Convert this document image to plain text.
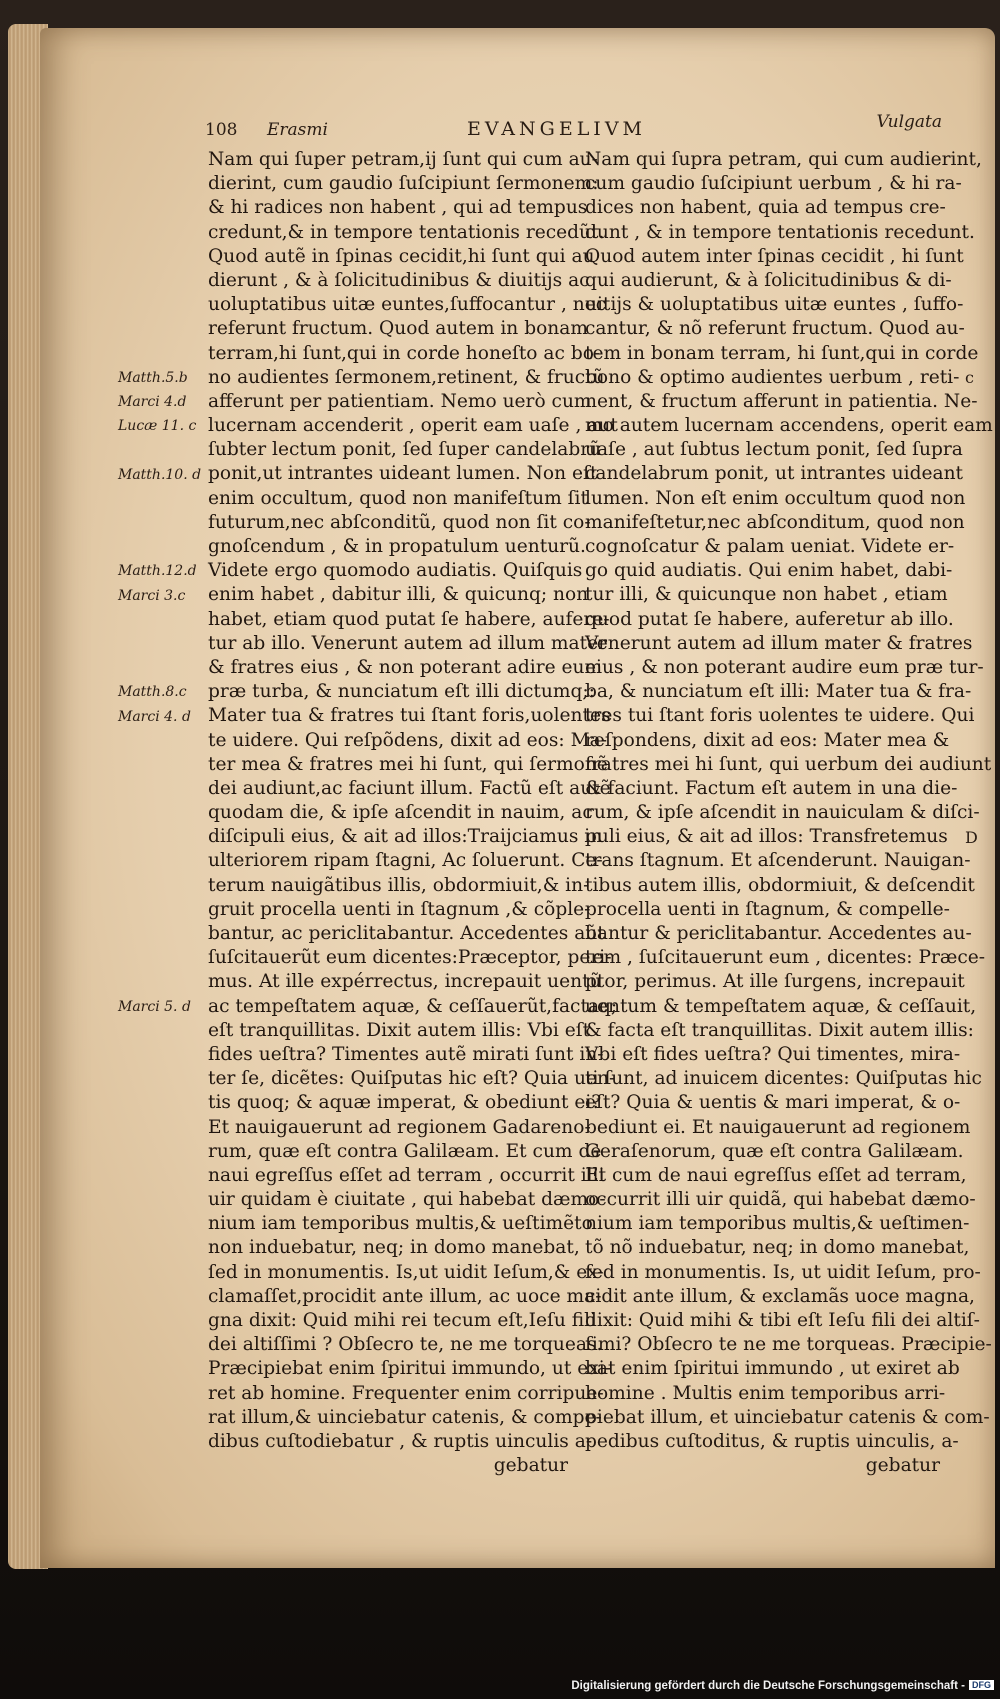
108 Erasmi	EVANGELIVM	Vulgata
Nam qui ſuper petram,ij ſunt qui cum au-
dierint, cum gaudio ſuſcipiunt ſermonem:
& hi radices non habent , qui ad tempus
credunt,& in tempore tentationis recedũt.
Quod autẽ in ſpinas cecidit,hi ſunt qui au
dierunt , & à ſolicitudinibus & diuitijs ac
uoluptatibus uitæ euntes,ſuffocantur , nec
referunt fructum. Quod autem in bonam
terram,hi ſunt,qui in corde honeſto ac bo-
no audientes ſermonem,retinent, & fructũ
afferunt per patientiam. Nemo uerò cum
lucernam accenderit , operit eam uaſe , aut
ſubter lectum ponit, ſed ſuper candelabrũ
ponit,ut intrantes uideant lumen. Non eſt
enim occultum, quod non manifeſtum ſit
futurum,nec abſconditũ, quod non ſit co-
gnoſcendum , & in propatulum uenturũ.
Videte ergo quomodo audiatis. Quiſquis
enim habet , dabitur illi, & quicunq; non
habet, etiam quod putat ſe habere, aufere-
tur ab illo. Venerunt autem ad illum mater
& fratres eius , & non poterant adire eum
præ turba, & nunciatum eſt illi dictumq;:
Mater tua & fratres tui ſtant foris,uolentes
te uidere. Qui reſpõdens, dixit ad eos: Ma-
ter mea & fratres mei hi ſunt, qui ſermonẽ
dei audiunt,ac faciunt illum. Factũ eſt autẽ
quodam die, & ipſe aſcendit in nauim, ac
diſcipuli eius, & ait ad illos:Traijciamus in
ulteriorem ripam ſtagni, Ac ſoluerunt. Ce-
terum nauigãtibus illis, obdormiuit,& in-
gruit procella uenti in ſtagnum ,& cõple-
bantur, ac periclitabantur. Accedentes aũt
ſuſcitauerũt eum dicentes:Præceptor, peri-
mus. At ille expérrectus, increpauit uentũ
ac tempeſtatem aquæ, & ceſſauerũt,factaq;
eſt tranquillitas. Dixit autem illis: Vbi eſt
fides ueſtra? Timentes autẽ mirati ſunt in-
ter ſe, dicẽtes: Quiſputas hic eſt? Quia uen-
tis quoq; & aquæ imperat, & obediunt ei?
Et nauigauerunt ad regionem Gadareno-
rum, quæ eſt contra Galilæam. Et cum de
naui egreſſus eſſet ad terram , occurrit illi
uir quidam è ciuitate , qui habebat dæmo-
nium iam temporibus multis,& ueſtimẽto
non induebatur, neq; in domo manebat,
ſed in monumentis. Is,ut uidit Ieſum,& ex-
clamaſſet,procidit ante illum, ac uoce ma-
gna dixit: Quid mihi rei tecum eſt,Ieſu fili
dei altiſſimi ? Obſecro te, ne me torqueas.
Præcipiebat enim ſpiritui immundo, ut exi-
ret ab homine. Frequenter enim corripue-
rat illum,& uinciebatur catenis, & compe-
dibus cuſtodiebatur , & ruptis uinculis a-
gebatur
Nam qui ſupra petram, qui cum audierint,
cum gaudio ſuſcipiunt uerbum , & hi ra-
dices non habent, quia ad tempus cre-
dunt , & in tempore tentationis recedunt.
Quod autem inter ſpinas cecidit , hi ſunt
qui audierunt, & à ſolicitudinibus & di-
uitijs & uoluptatibus uitæ euntes , ſuffo-
cantur, & nõ referunt fructum. Quod au-
tem in bonam terram, hi ſunt,qui in corde
bono & optimo audientes uerbum , reti-
nent, & fructum afferunt in patientia. Ne-
mo autem lucernam accendens, operit eam
uaſe , aut ſubtus lectum ponit, ſed ſupra
candelabrum ponit, ut intrantes uideant
lumen. Non eſt enim occultum quod non
manifeſtetur,nec abſconditum, quod non
cognoſcatur & palam ueniat. Videte er-
go quid audiatis. Qui enim habet, dabi-
tur illi, & quicunque non habet , etiam
quod putat ſe habere, auferetur ab illo.
Venerunt autem ad illum mater & fratres
eius , & non poterant audire eum præ tur-
ba, & nunciatum eſt illi: Mater tua & fra-
tres tui ſtant foris uolentes te uidere. Qui
reſpondens, dixit ad eos: Mater mea &
fratres mei hi ſunt, qui uerbum dei audiunt
& faciunt. Factum eſt autem in una die-
rum, & ipſe aſcendit in nauiculam & diſci-
puli eius, & ait ad illos: Transfretemus
trans ſtagnum. Et aſcenderunt. Nauigan-
tibus autem illis, obdormiuit, & deſcendit
procella uenti in ſtagnum, & compelle-
bantur & periclitabantur. Accedentes au-
tem , ſuſcitauerunt eum , dicentes: Præce-
ptor, perimus. At ille ſurgens, increpauit
uentum & tempeſtatem aquæ, & ceſſauit,
& facta eſt tranquillitas. Dixit autem illis:
Vbi eſt fides ueſtra? Qui timentes, mira-
ti ſunt, ad inuicem dicentes: Quiſputas hic
eſt? Quia & uentis & mari imperat, & o-
bediunt ei. Et nauigauerunt ad regionem
Geraſenorum, quæ eſt contra Galilæam.
Et cum de naui egreſſus eſſet ad terram,
occurrit illi uir quidã, qui habebat dæmo-
nium iam temporibus multis,& ueſtimen-
tõ nõ induebatur, neq; in domo manebat,
ſed in monumentis. Is, ut uidit Ieſum, pro-
cidit ante illum, & exclamãs uoce magna,
dixit: Quid mihi & tibi eſt Ieſu fili dei altiſ-
ſimi? Obſecro te ne me torqueas. Præcipie-
bat enim ſpiritui immundo , ut exiret ab
homine . Multis enim temporibus arri-
piebat illum, et uinciebatur catenis & com-
pedibus cuſtoditus, & ruptis uinculis, a-
gebatur
Matth.5.b
Marci 4.d
Lucæ 11. c
Matth.10. d
Matth.12.d
Marci 3.c
Matth.8.c
Marci 4. d
Marci 5. d
c
D
Digitalisierung gefördert durch die Deutsche Forschungsgemeinschaft - DFG
